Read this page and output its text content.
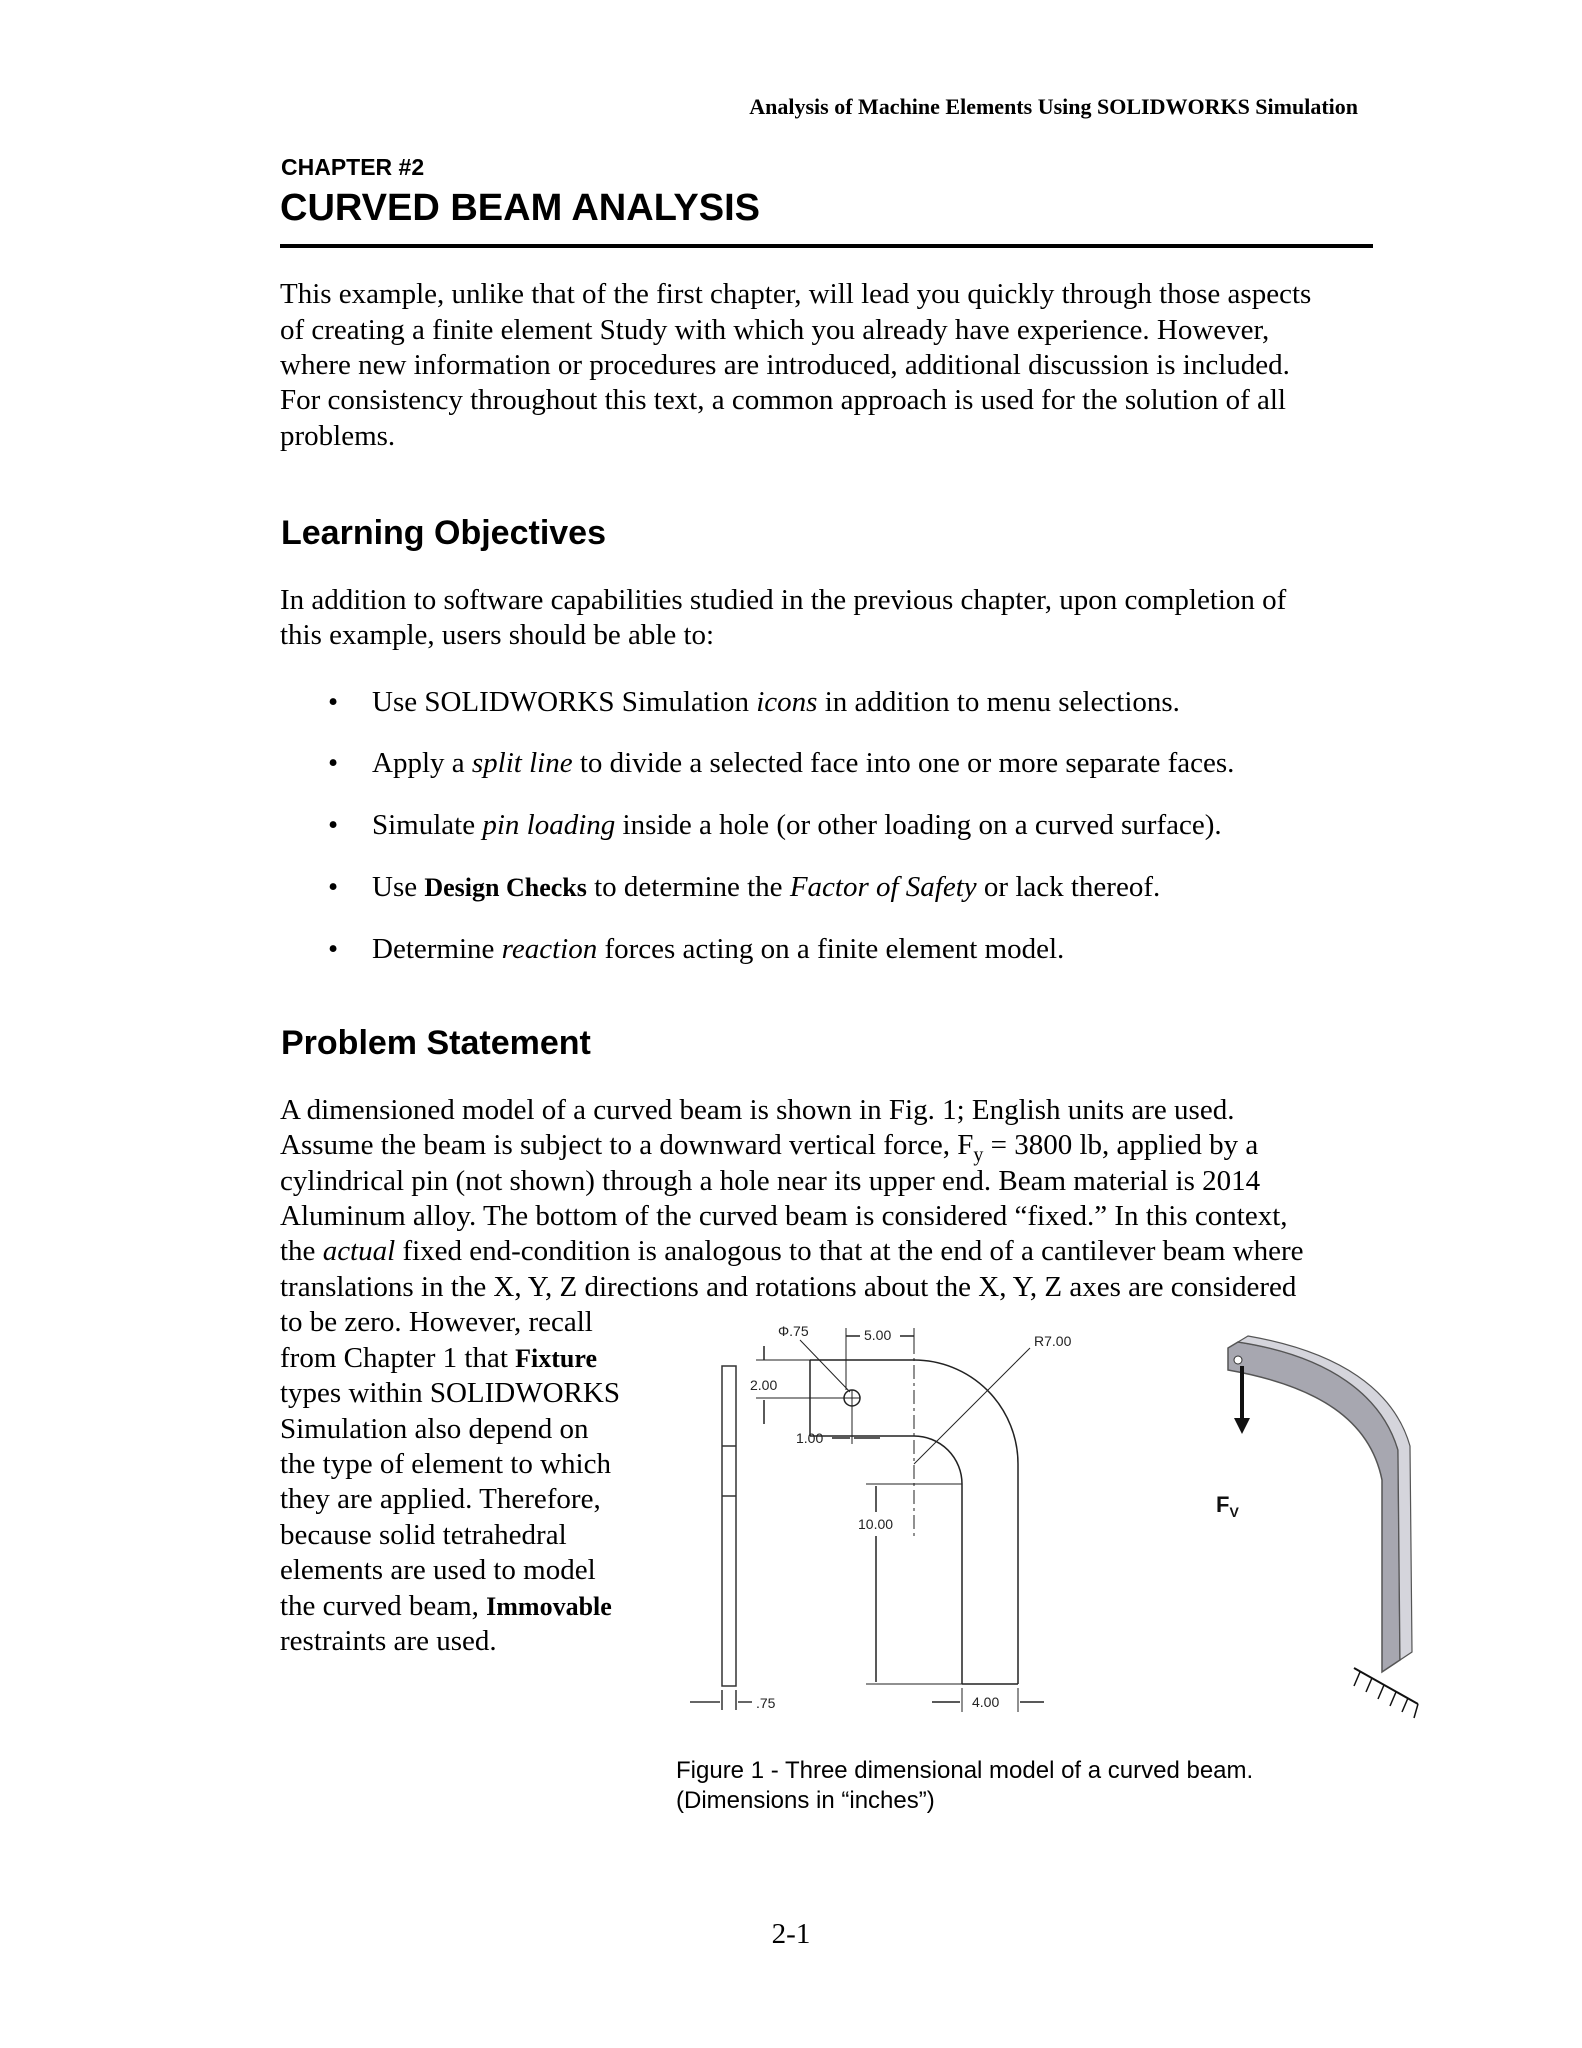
Analysis of Machine Elements Using SOLIDWORKS Simulation
CHAPTER #2
CURVED BEAM ANALYSIS
This example, unlike that of the first chapter, will lead you quickly through those aspects
of creating a finite element Study with which you already have experience. However,
where new information or procedures are introduced, additional discussion is included.
For consistency throughout this text, a common approach is used for the solution of all
problems.
Learning Objectives
In addition to software capabilities studied in the previous chapter, upon completion of
this example, users should be able to:
• Use SOLIDWORKS Simulation icons in addition to menu selections.
• Apply a split line to divide a selected face into one or more separate faces.
• Simulate pin loading inside a hole (or other loading on a curved surface).
• Use Design Checks to determine the Factor of Safety or lack thereof.
• Determine reaction forces acting on a finite element model.
Problem Statement
A dimensioned model of a curved beam is shown in Fig. 1; English units are used.
Assume the beam is subject to a downward vertical force, $F_y = 3800$ lb, applied by a
cylindrical pin (not shown) through a hole near its upper end. Beam material is 2014
Aluminum alloy. The bottom of the curved beam is considered “fixed.” In this context,
the actual fixed end-condition is analogous to that at the end of a cantilever beam where
translations in the X, Y, Z directions and rotations about the X, Y, Z axes are considered
to be zero. However, recall
from Chapter 1 that Fixture
types within SOLIDWORKS
Simulation also depend on
the type of element to which
they are applied. Therefore,
because solid tetrahedral
elements are used to model
the curved beam, Immovable
restraints are used.
.75
Φ.75	5.00	R7.00
2.00
1.00
10.00
4.00
$F_V$
Figure 1 - Three dimensional model of a curved beam.
(Dimensions in “inches”)
2-1
